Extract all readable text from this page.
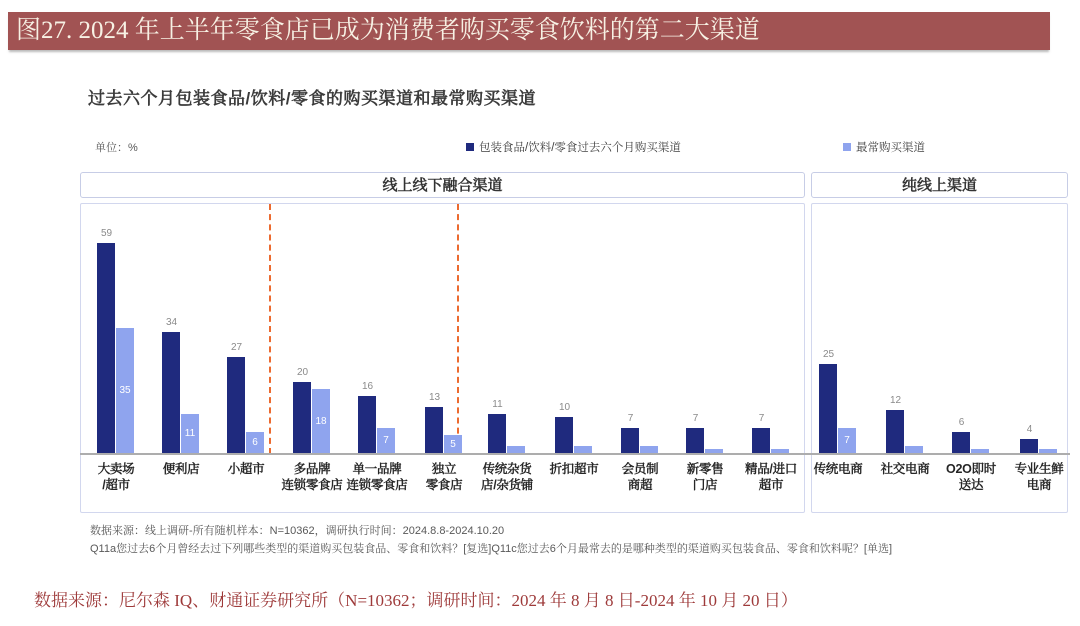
图27. 2024 年上半年零食店已成为消费者购买零食饮料的第二大渠道
过去六个月包装食品/饮料/零食的购买渠道和最常购买渠道
单位：%	包装食品/饮料/零食过去六个月购买渠道	最常购买渠道
线上线下融合渠道	纯线上渠道
数据来源：线上调研-所有随机样本：N=10362，调研执行时间：2024.8.8-2024.10.20
Q11a您过去6个月曾经去过下列哪些类型的渠道购买包装食品、零食和饮料？[复选]Q11c您过去6个月最常去的是哪种类型的渠道购买包装食品、零食和饮料呢？[单选]
数据来源：尼尔森 IQ、财通证券研究所（N=10362；调研时间：2024 年 8 月 8 日-2024 年 10 月 20 日）
59
35
大卖场
/超市
34
11
便利店
27
6
小超市
20
18
多品牌
连锁零食店
16
7
单一品牌
连锁零食店
13
5
独立
零食店
11
传统杂货
店/杂货铺
10
折扣超市
7
会员制
商超
7
新零售
门店
7
精品/进口
超市
25
7
传统电商
12
社交电商
6
O2O即时
送达
4
专业生鲜
电商
